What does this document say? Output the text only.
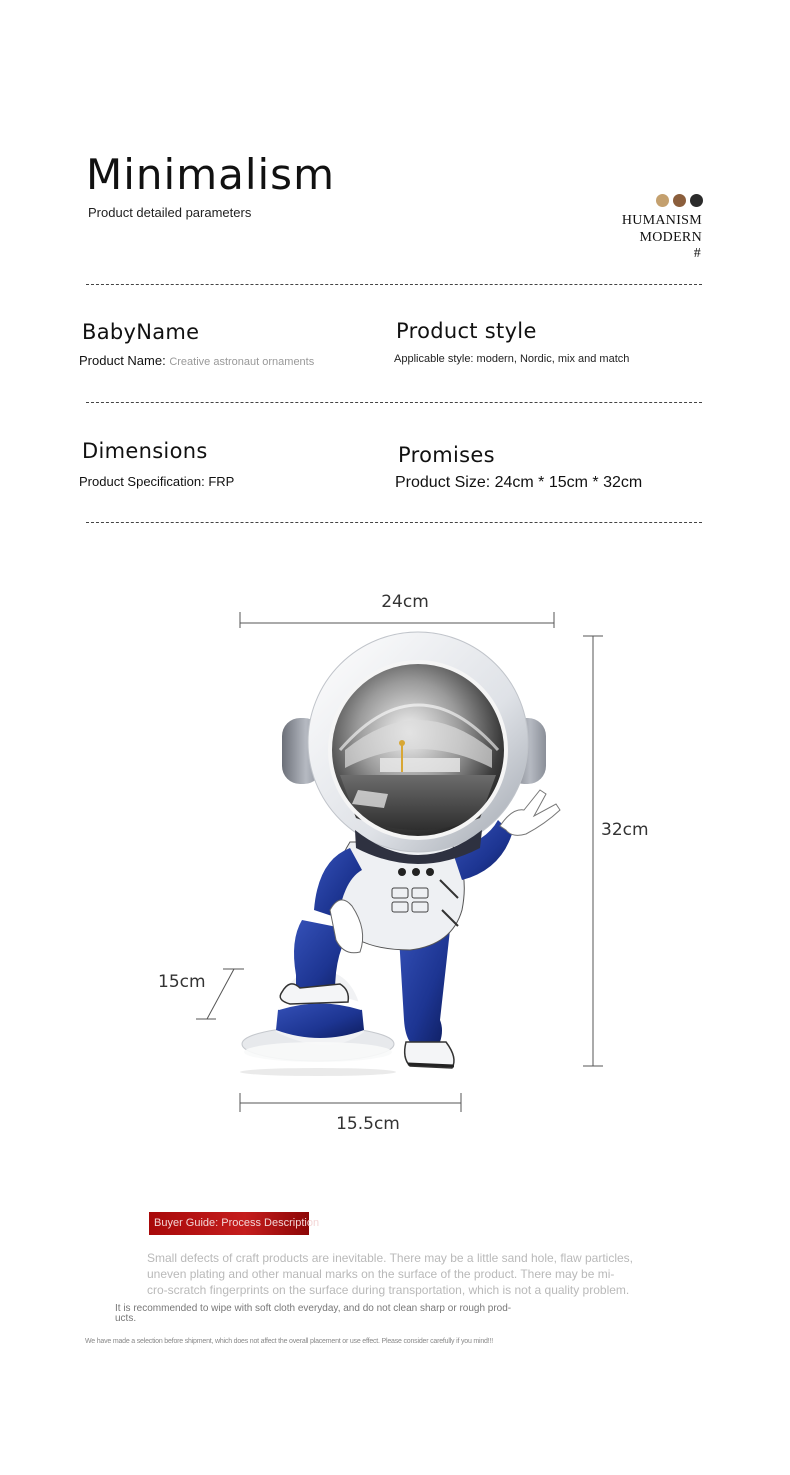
Minimalism
Product detailed parameters
HUMANISM
MODERN
#
BabyName
Product Name: Creative astronaut ornaments
Product style
Applicable style: modern, Nordic, mix and match
Dimensions
Product Specification: FRP
Promises
Product Size: 24cm * 15cm * 32cm
24cm
32cm
15cm
15.5cm
Buyer Guide: Process Description
Small defects of craft products are inevitable. There may be a little sand hole, flaw particles,
uneven plating and other manual marks on the surface of the product. There may be mi-
cro-scratch fingerprints on the surface during transportation, which is not a quality problem.
It is recommended to wipe with soft cloth everyday, and do not clean sharp or rough prod-
ucts.
We have made a selection before shipment, which does not affect the overall placement or use effect. Please consider carefully if you mind!!!
